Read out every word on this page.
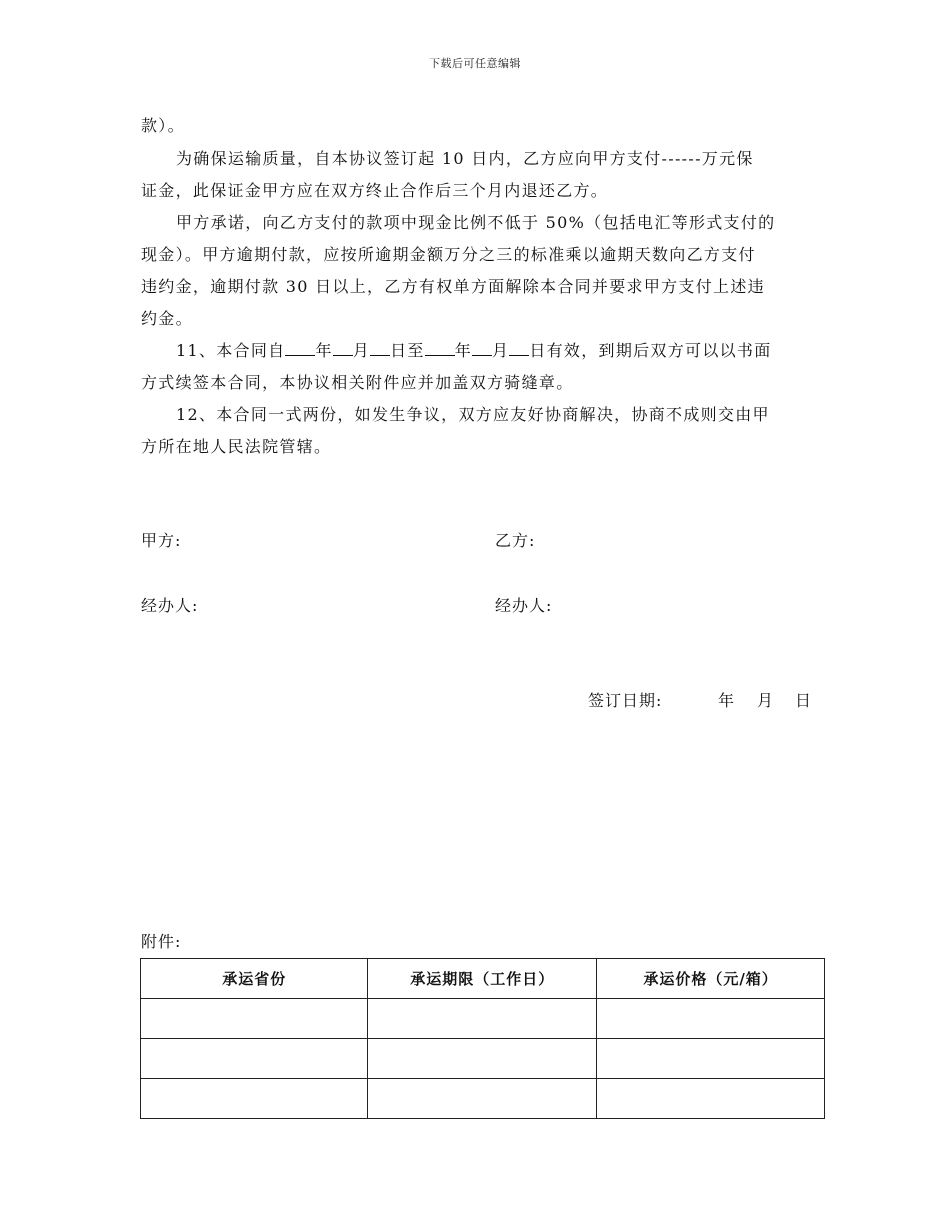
下载后可任意编辑
款）。
为确保运输质量，自本协议签订起 10 日内，乙方应向甲方支付------万元保
证金，此保证金甲方应在双方终止合作后三个月内退还乙方。
甲方承诺，向乙方支付的款项中现金比例不低于 50%（包括电汇等形式支付的
现金）。甲方逾期付款，应按所逾期金额万分之三的标准乘以逾期天数向乙方支付
违约金，逾期付款 30 日以上，乙方有权单方面解除本合同并要求甲方支付上述违
约金。
11、本合同自 年 月 日至 年 月 日有效，到期后双方可以以书面
方式续签本合同，本协议相关附件应并加盖双方骑缝章。
12、本合同一式两份，如发生争议，双方应友好协商解决，协商不成则交由甲
方所在地人民法院管辖。
甲方:	乙方:
经办人:	经办人:
签订日期:	年 月 日
附件:
承运省份	承运期限（工作日）	承运价格（元/箱）
